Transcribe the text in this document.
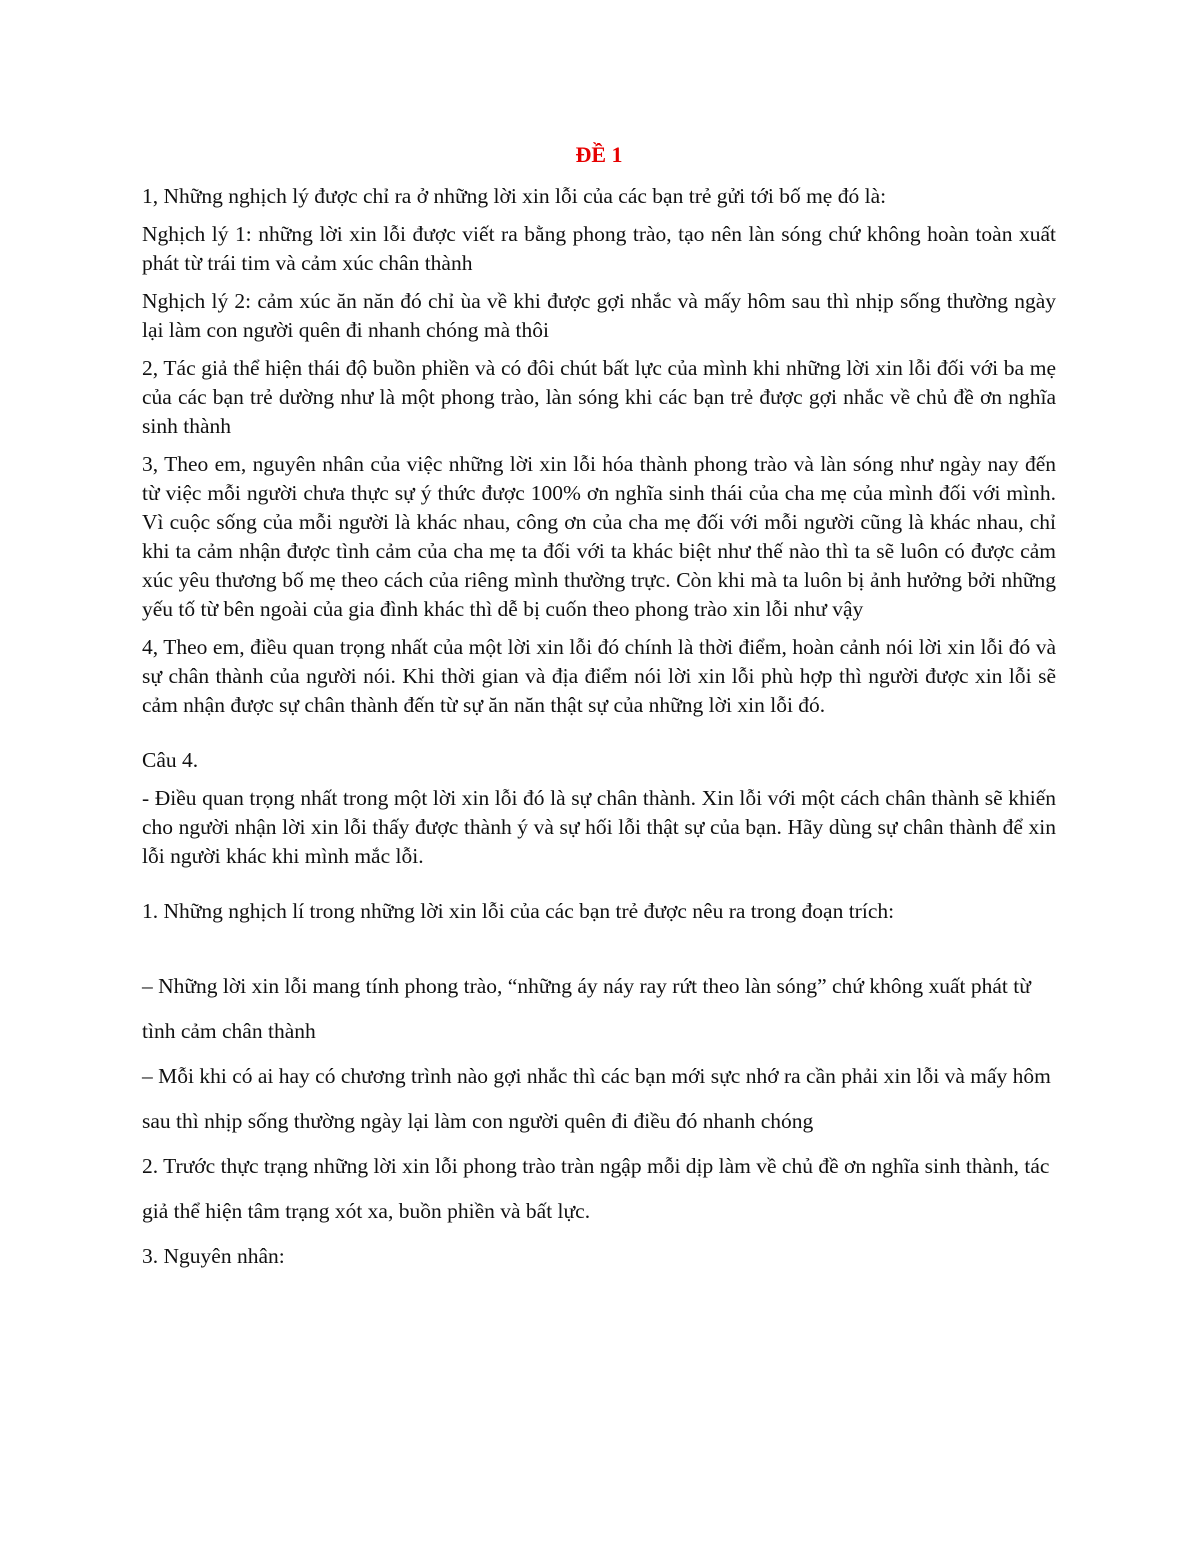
ĐỀ 1
1, Những nghịch lý được chỉ ra ở những lời xin lỗi của các bạn trẻ gửi tới bố mẹ đó là:
Nghịch lý 1: những lời xin lỗi được viết ra bằng phong trào, tạo nên làn sóng chứ không hoàn toàn xuất phát từ trái tim và cảm xúc chân thành
Nghịch lý 2: cảm xúc ăn năn đó chỉ ùa về khi được gợi nhắc và mấy hôm sau thì nhịp sống thường ngày lại làm con người quên đi nhanh chóng mà thôi
2, Tác giả thể hiện thái độ buồn phiền và có đôi chút bất lực của mình khi những lời xin lỗi đối với ba mẹ của các bạn trẻ dường như là một phong trào, làn sóng khi các bạn trẻ được gợi nhắc về chủ đề ơn nghĩa sinh thành
3, Theo em, nguyên nhân của việc những lời xin lỗi hóa thành phong trào và làn sóng như ngày nay đến từ việc mỗi người chưa thực sự ý thức được 100% ơn nghĩa sinh thái của cha mẹ của mình đối với mình. Vì cuộc sống của mỗi người là khác nhau, công ơn của cha mẹ đối với mỗi người cũng là khác nhau, chỉ khi ta cảm nhận được tình cảm của cha mẹ ta đối với ta khác biệt như thế nào thì ta sẽ luôn có được cảm xúc yêu thương bố mẹ theo cách của riêng mình thường trực. Còn khi mà ta luôn bị ảnh hưởng bởi những yếu tố từ bên ngoài của gia đình khác thì dễ bị cuốn theo phong trào xin lỗi như vậy
4, Theo em, điều quan trọng nhất của một lời xin lỗi đó chính là thời điểm, hoàn cảnh nói lời xin lỗi đó và sự chân thành của người nói. Khi thời gian và địa điểm nói lời xin lỗi phù hợp thì người được xin lỗi sẽ cảm nhận được sự chân thành đến từ sự ăn năn thật sự của những lời xin lỗi đó.
Câu 4.
- Điều quan trọng nhất trong một lời xin lỗi đó là sự chân thành. Xin lỗi với một cách chân thành sẽ khiến cho người nhận lời xin lỗi thấy được thành ý và sự hối lỗi thật sự của bạn. Hãy dùng sự chân thành để xin lỗi người khác khi mình mắc lỗi.
1. Những nghịch lí trong những lời xin lỗi của các bạn trẻ được nêu ra trong đoạn trích:
– Những lời xin lỗi mang tính phong trào, “những áy náy ray rứt theo làn sóng” chứ không xuất phát từ tình cảm chân thành
– Mỗi khi có ai hay có chương trình nào gợi nhắc thì các bạn mới sực nhớ ra cần phải xin lỗi và mấy hôm sau thì nhịp sống thường ngày lại làm con người quên đi điều đó nhanh chóng
2. Trước thực trạng những lời xin lỗi phong trào tràn ngập mỗi dịp làm về chủ đề ơn nghĩa sinh thành, tác giả thể hiện tâm trạng xót xa, buồn phiền và bất lực.
3. Nguyên nhân:
